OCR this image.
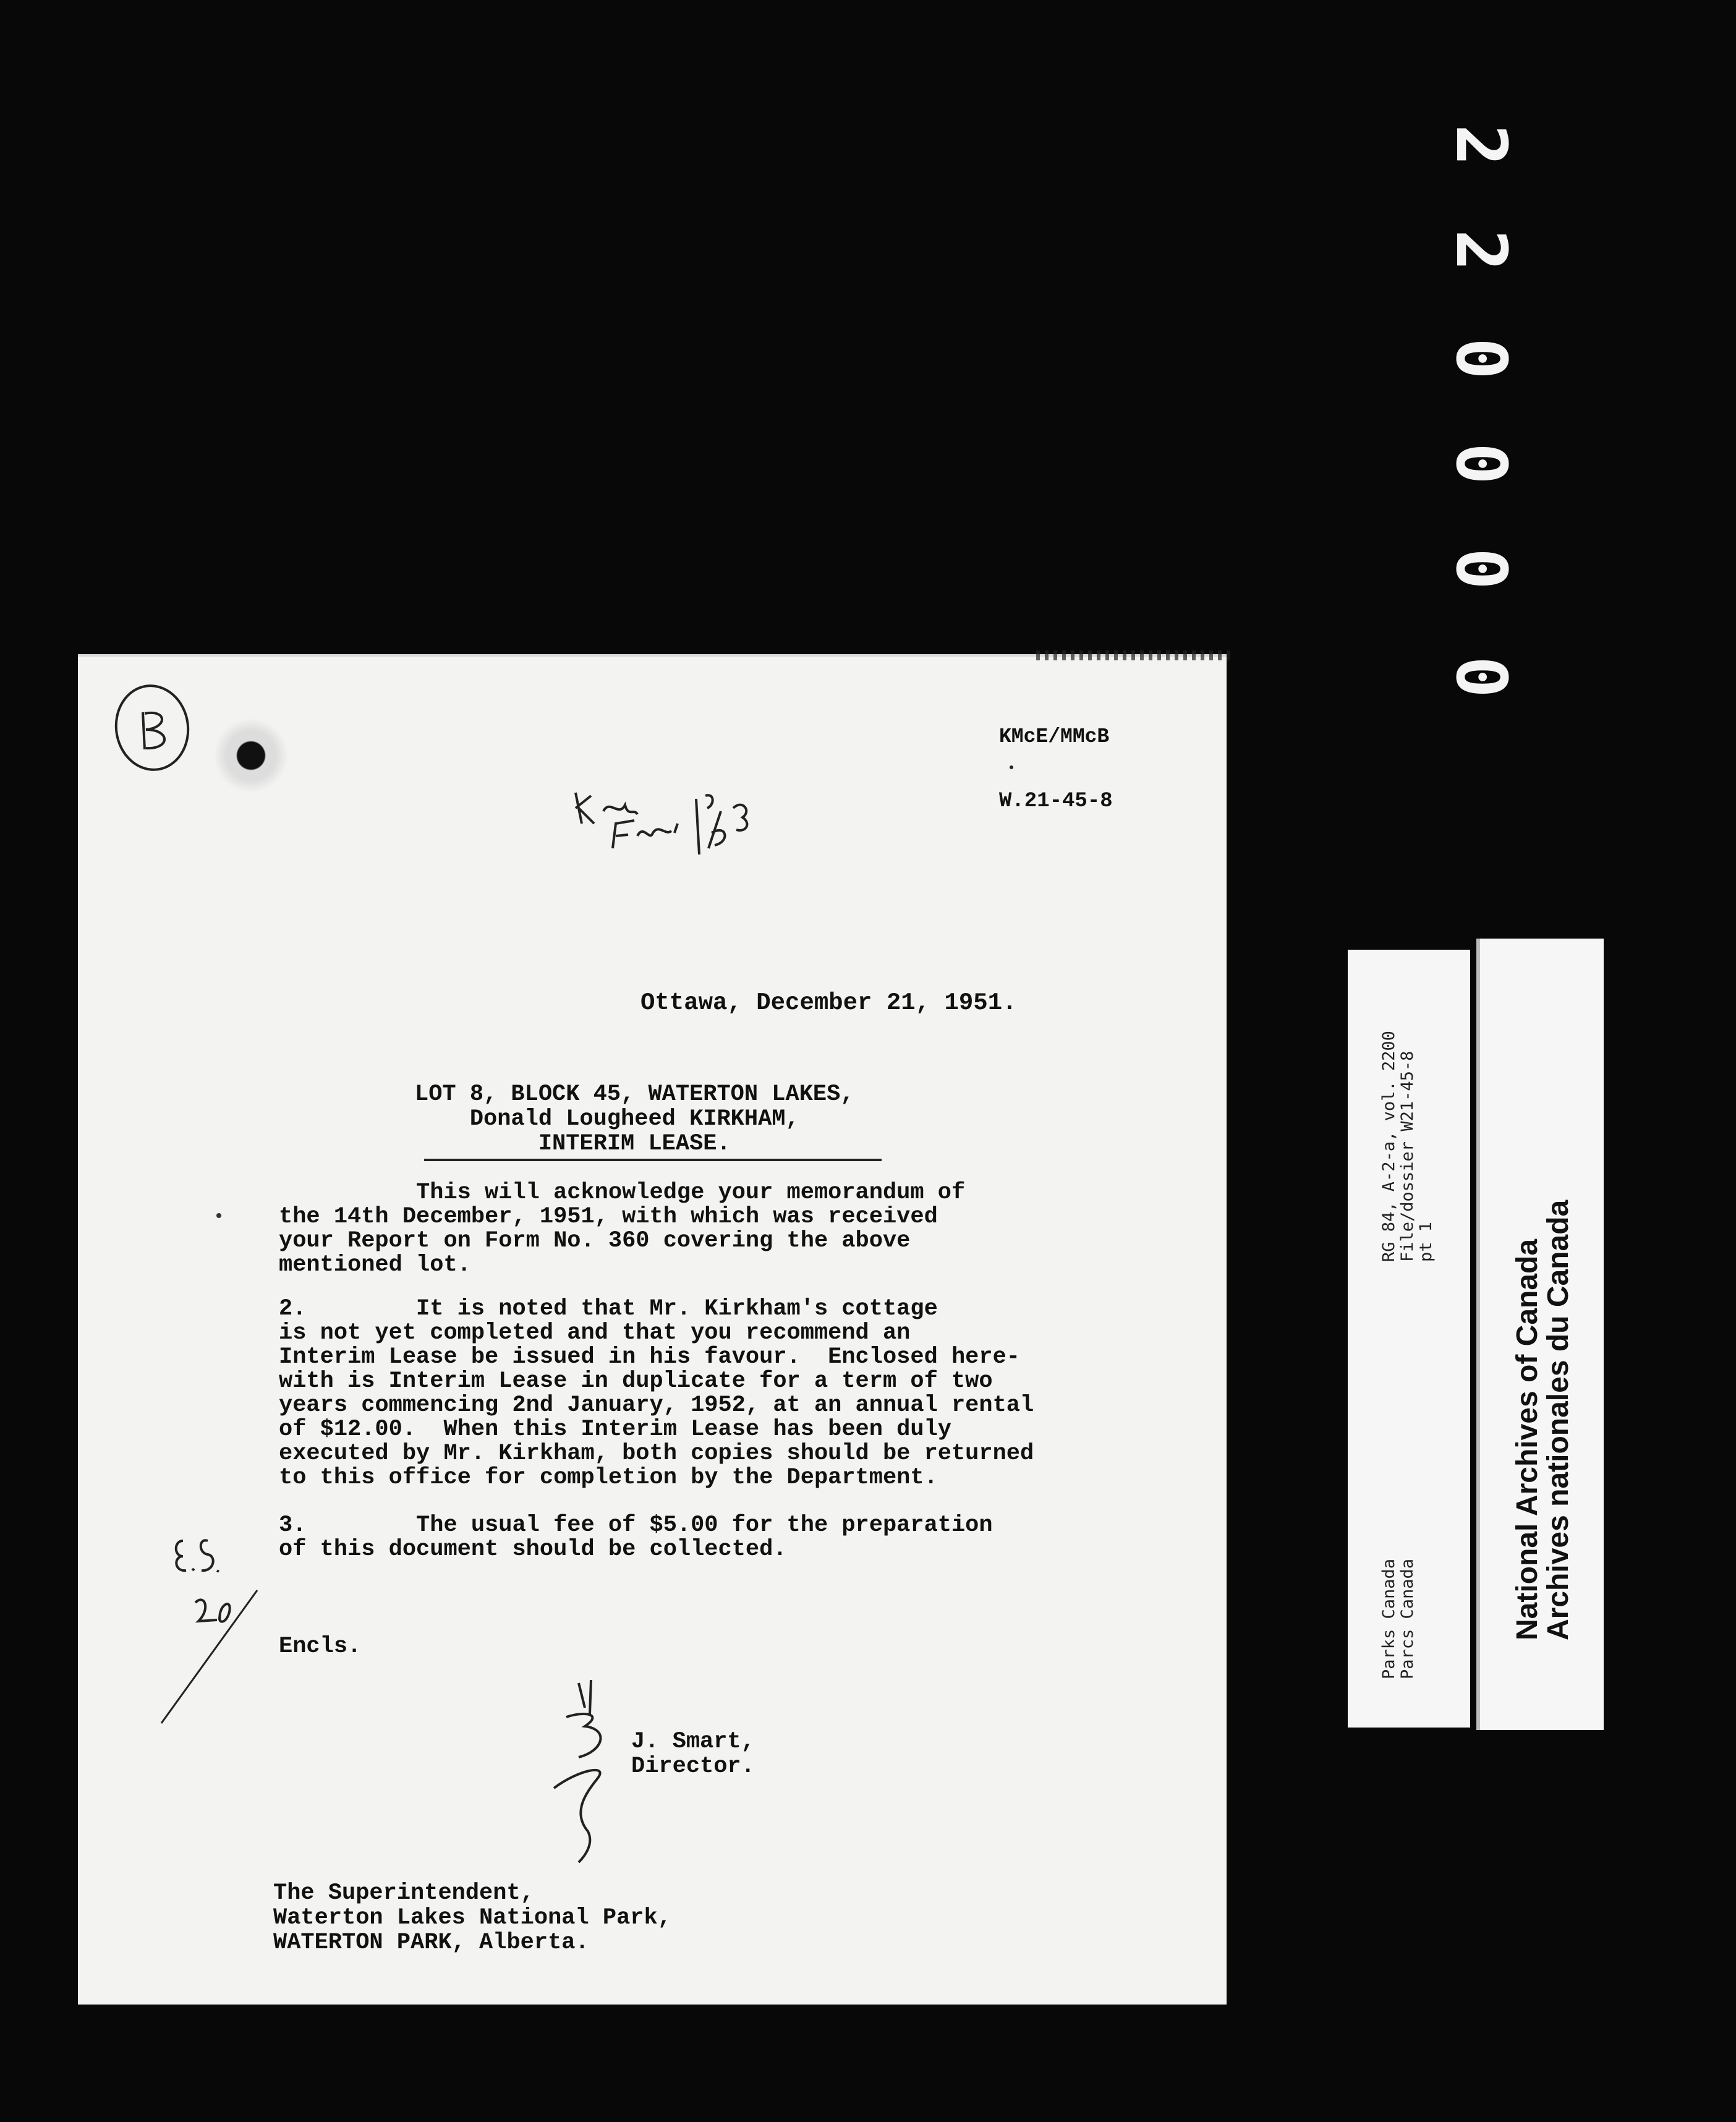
2
2
0
0
0
0
KMcE/MMcB
W.21-45-8
Ottawa, December 21, 1951.
LOT 8, BLOCK 45, WATERTON LAKES,
Donald Lougheed KIRKHAM,
INTERIM LEASE.
This will acknowledge your memorandum of
the 14th December, 1951, with which was received
your Report on Form No. 360 covering the above
mentioned lot.
2.        It is noted that Mr. Kirkham's cottage
is not yet completed and that you recommend an
Interim Lease be issued in his favour.  Enclosed here-
with is Interim Lease in duplicate for a term of two
years commencing 2nd January, 1952, at an annual rental
of $12.00.  When this Interim Lease has been duly
executed by Mr. Kirkham, both copies should be returned
to this office for completion by the Department.
3.        The usual fee of $5.00 for the preparation
of this document should be collected.
Encls.
J. Smart,
Director.
The Superintendent,
Waterton Lakes National Park,
WATERTON PARK, Alberta.
RG 84, A-2-a, vol. 2200
File/dossier W21-45-8
pt 1
Parks Canada
Parcs Canada	National Archives of Canada
Archives nationales du Canada
